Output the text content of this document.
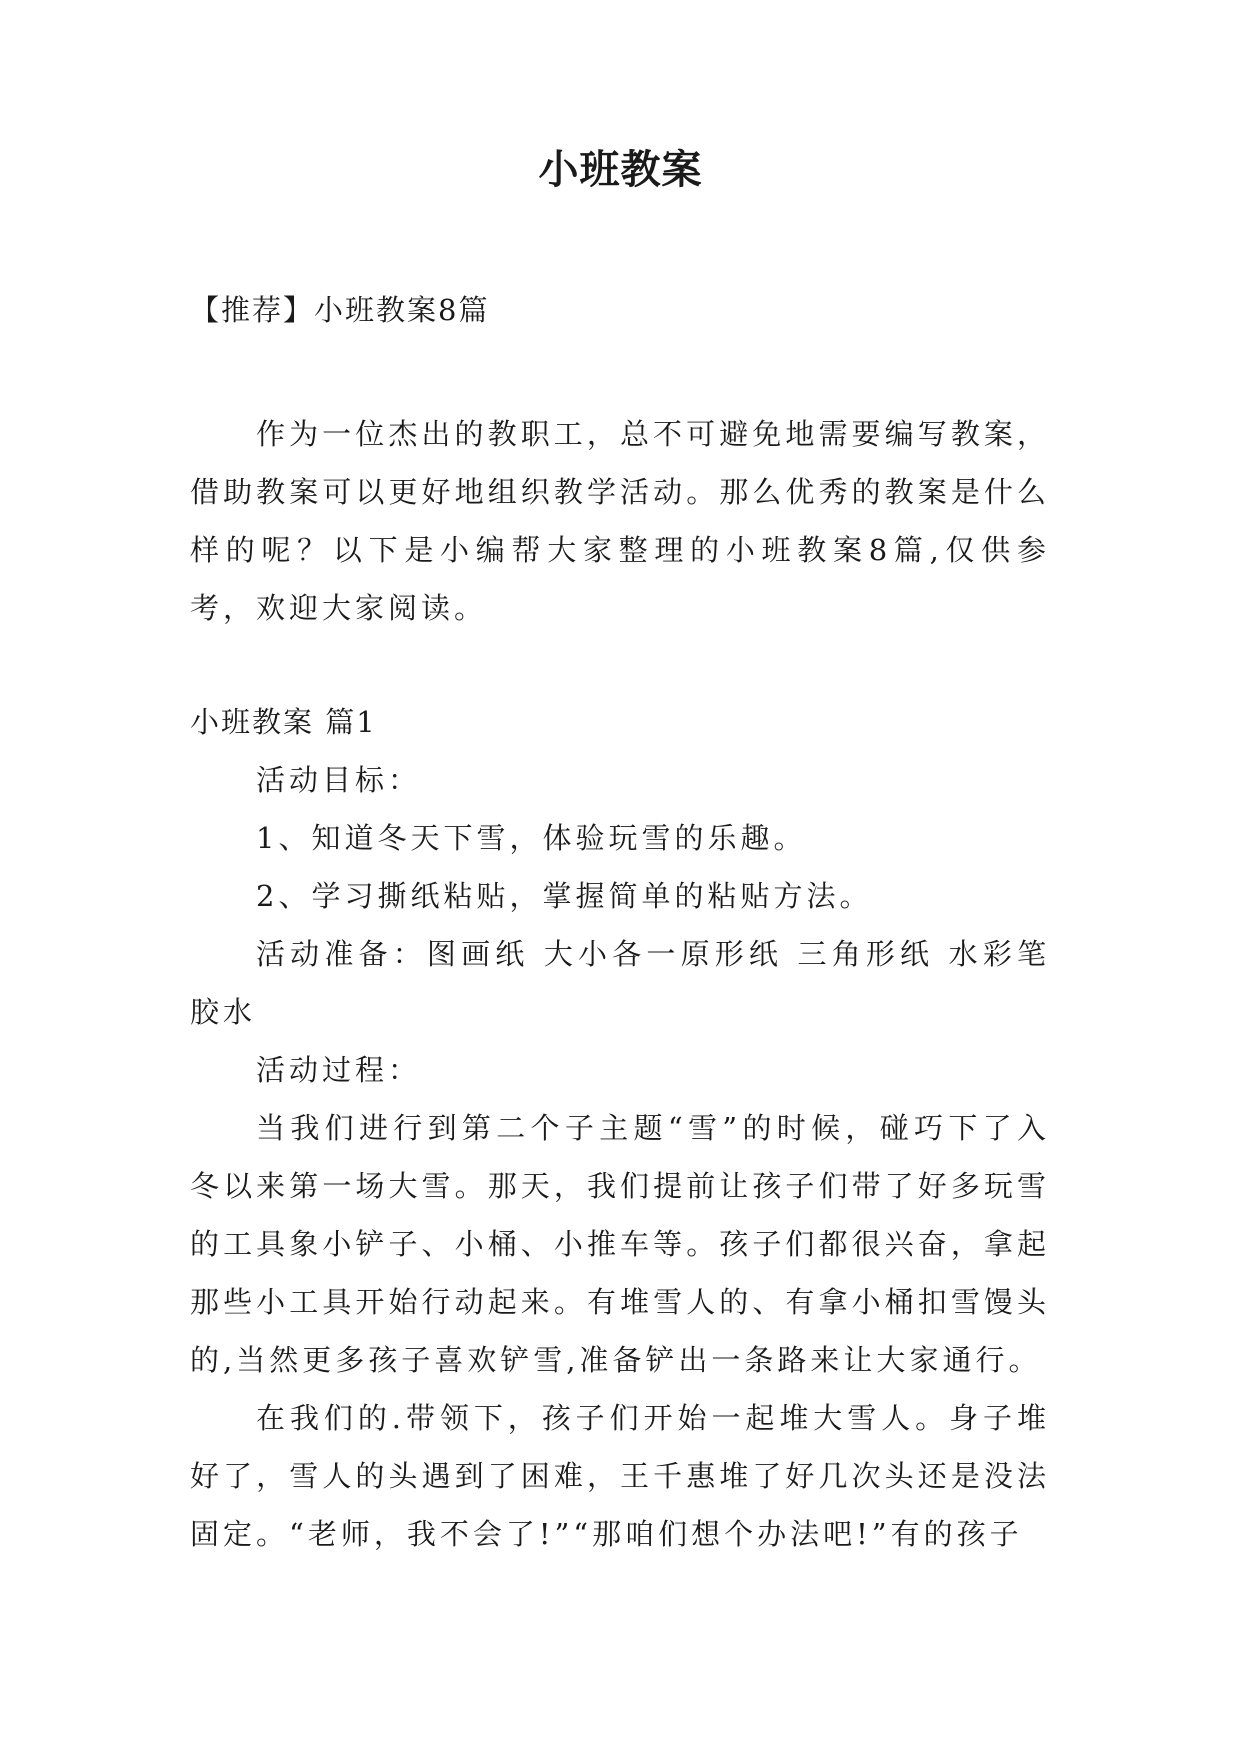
小班教案
【推荐】小班教案8篇

作为一位杰出的教职工，总不可避免地需要编写教案，借助教案可以更好地组织教学活动。那么优秀的教案是什么样的呢？以下是小编帮大家整理的小班教案8篇,仅供参考，欢迎大家阅读。

小班教案 篇1

活动目标：

1、知道冬天下雪，体验玩雪的乐趣。

2、学习撕纸粘贴，掌握简单的粘贴方法。

活动准备：图画纸 大小各一原形纸 三角形纸 水彩笔 胶水

活动过程：

当我们进行到第二个子主题“雪”的时候，碰巧下了入冬以来第一场大雪。那天，我们提前让孩子们带了好多玩雪的工具象小铲子、小桶、小推车等。孩子们都很兴奋，拿起那些小工具开始行动起来。有堆雪人的、有拿小桶扣雪馒头的,当然更多孩子喜欢铲雪,准备铲出一条路来让大家通行。

在我们的.带领下，孩子们开始一起堆大雪人。身子堆好了，雪人的头遇到了困难，王千惠堆了好几次头还是没法固定。“老师，我不会了!”“那咱们想个办法吧!”有的孩子
